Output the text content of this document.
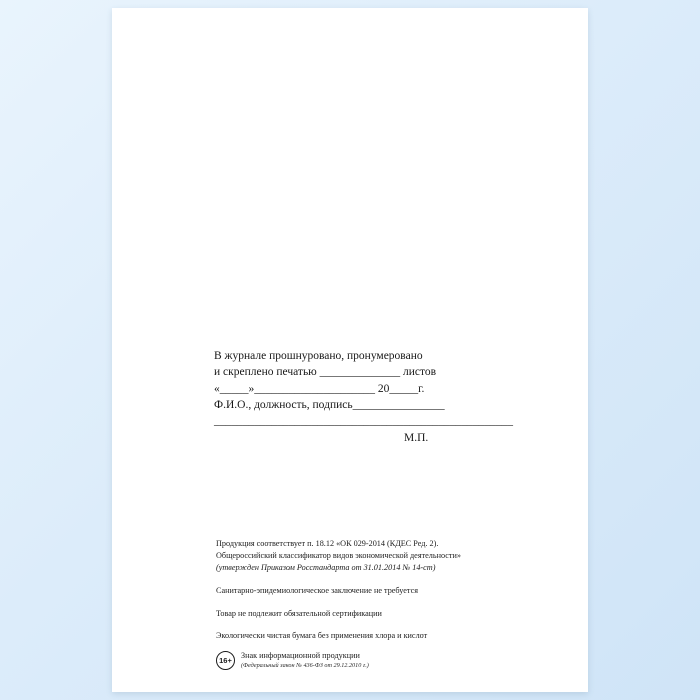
В журнале прошнуровано, пронумеровано
и скреплено печатью ______________ листов
«_____»_____________________ 20_____г.
Ф.И.О., должность, подпись________________
____________________________________________________
М.П.
Продукция соответствует п. 18.12 «ОК 029-2014 (КДЕС Ред. 2).
Общероссийский классификатор видов экономической деятельности»
(утвержден Приказом Росстандарта от 31.01.2014 № 14-ст)
Санитарно-эпидемиологическое заключение не требуется
Товар не подлежит обязательной сертификации
Экологически чистая бумага без применения хлора и кислот
16+
Знак информационной продукции
(Федеральный закон № 436-ФЗ от 29.12.2010 г.)
